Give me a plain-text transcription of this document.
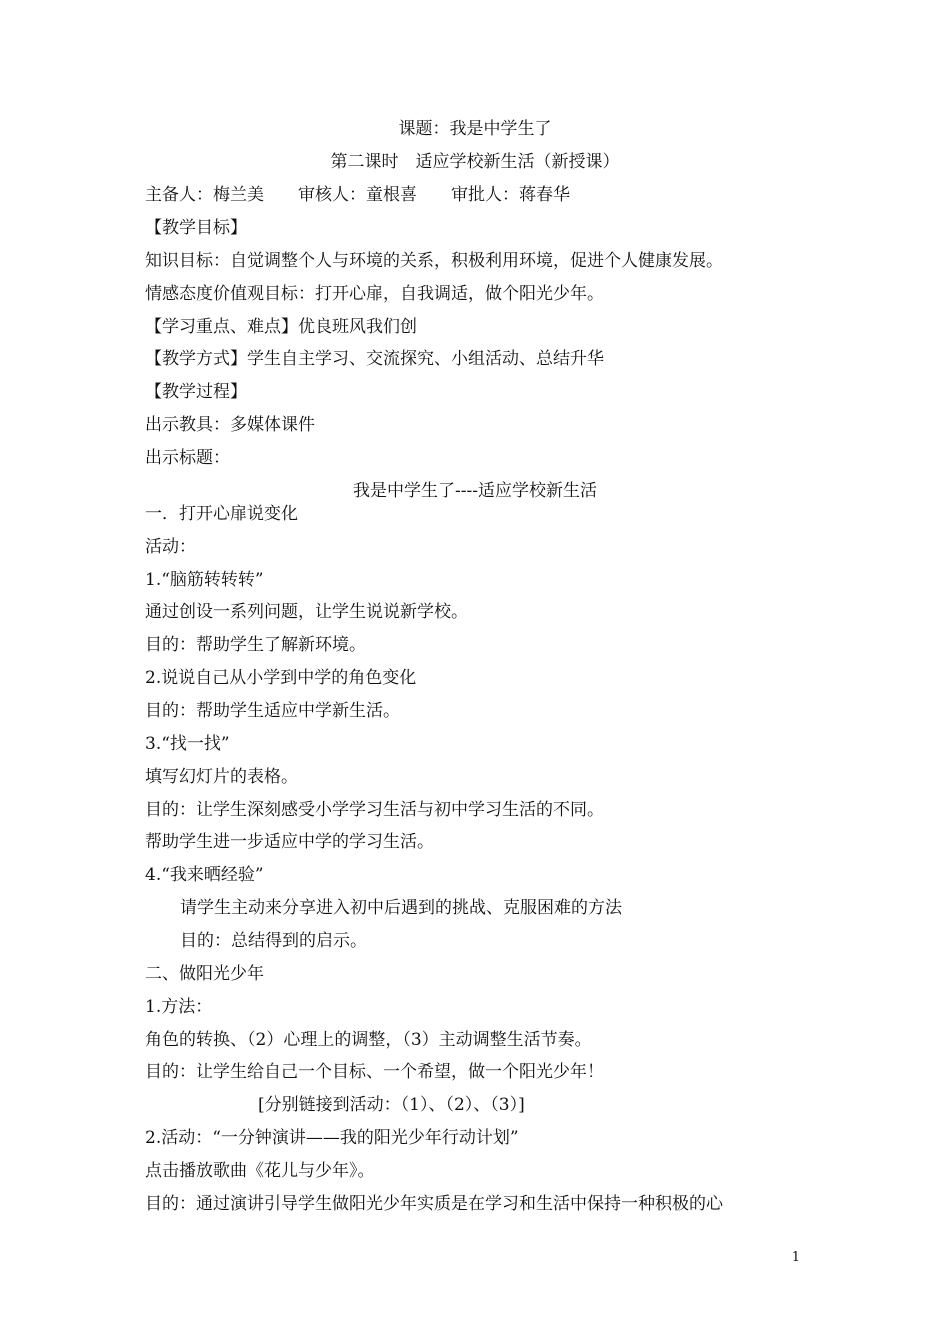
课题：我是中学生了
第二课时　适应学校新生活（新授课）
主备人：梅兰美　　审核人：童根喜　　审批人：蒋春华
【教学目标】
知识目标：自觉调整个人与环境的关系，积极利用环境，促进个人健康发展。
情感态度价值观目标：打开心扉，自我调适，做个阳光少年。
【学习重点、难点】优良班风我们创
【教学方式】学生自主学习、交流探究、小组活动、总结升华
【教学过程】
出示教具：多媒体课件
出示标题：
我是中学生了----适应学校新生活
一．打开心扉说变化
活动：
1.“脑筋转转转”
通过创设一系列问题，让学生说说新学校。
目的：帮助学生了解新环境。
2.说说自己从小学到中学的角色变化
目的：帮助学生适应中学新生活。
3.“找一找”
填写幻灯片的表格。
目的：让学生深刻感受小学学习生活与初中学习生活的不同。
帮助学生进一步适应中学的学习生活。
4.“我来晒经验”
请学生主动来分享进入初中后遇到的挑战、克服困难的方法
目的：总结得到的启示。
二、做阳光少年
1.方法：
角色的转换、（2）心理上的调整，（3）主动调整生活节奏。
目的：让学生给自己一个目标、一个希望，做一个阳光少年！
[分别链接到活动：（1）、（2）、（3）]
2.活动：“一分钟演讲——我的阳光少年行动计划”
点击播放歌曲《花儿与少年》。
目的：通过演讲引导学生做阳光少年实质是在学习和生活中保持一种积极的心
1
